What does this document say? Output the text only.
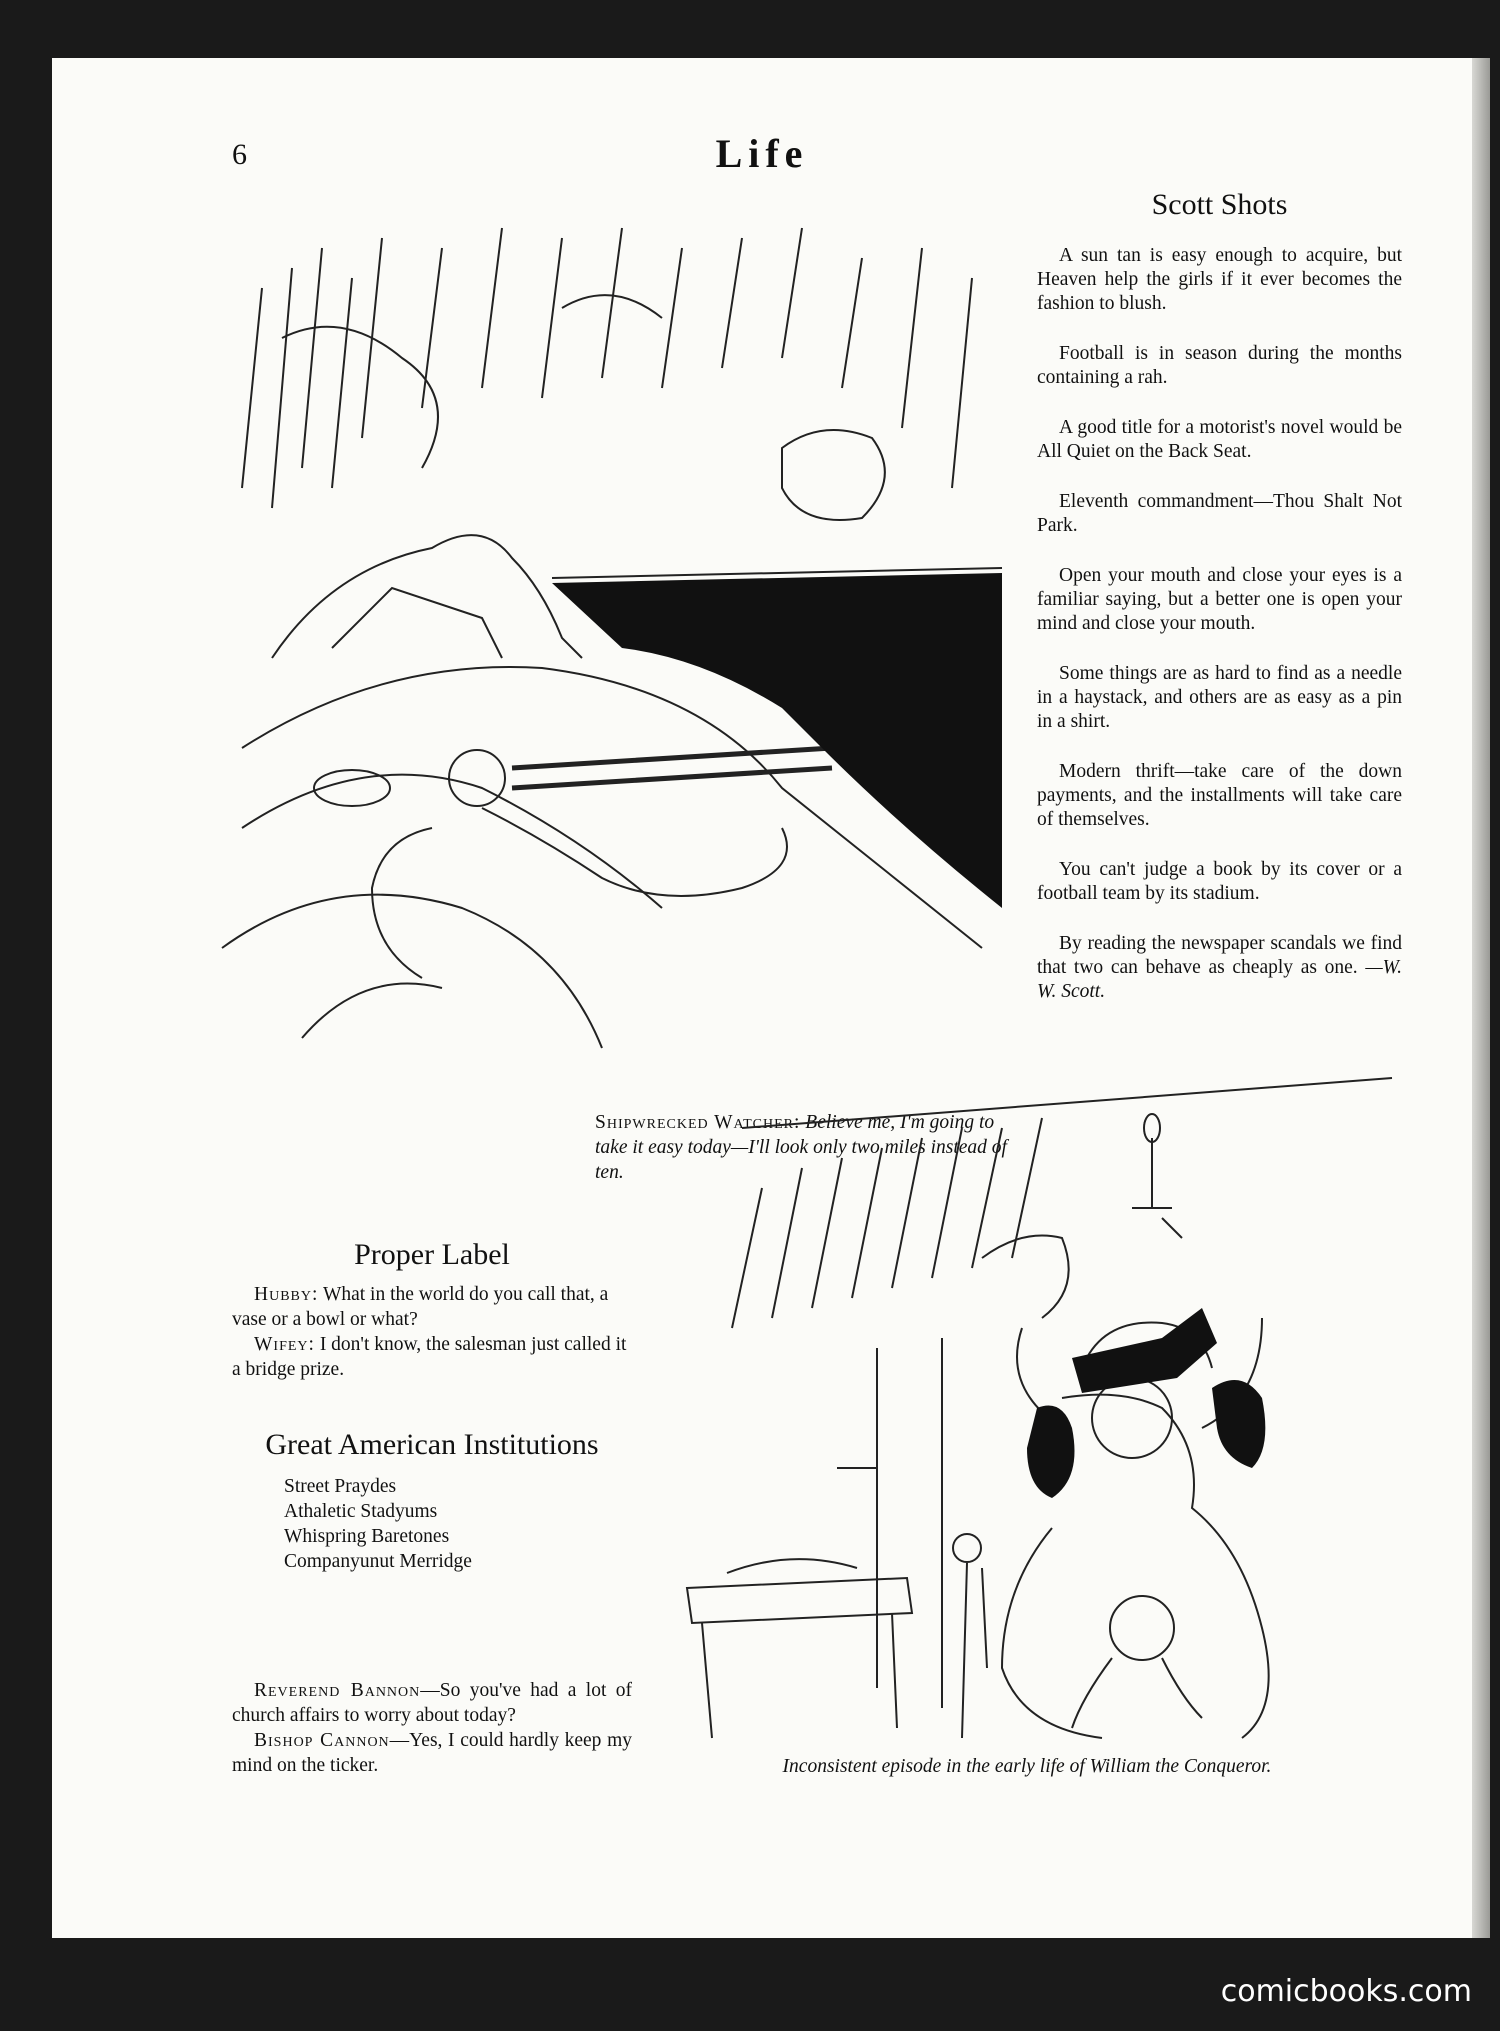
6	Life
Shipwrecked Watcher: Believe me, I'm going to take it easy today—I'll look only two miles instead of ten.
Scott Shots

A sun tan is easy enough to acquire, but Heaven help the girls if it ever becomes the fashion to blush.

Football is in season during the months containing a rah.

A good title for a motorist's novel would be All Quiet on the Back Seat.

Eleventh commandment—Thou Shalt Not Park.

Open your mouth and close your eyes is a familiar saying, but a better one is open your mind and close your mouth.

Some things are as hard to find as a needle in a haystack, and others are as easy as a pin in a shirt.

Modern thrift—take care of the down payments, and the installments will take care of themselves.

You can't judge a book by its cover or a football team by its stadium.

By reading the newspaper scandals we find that two can behave as cheaply as one. —W. W. Scott.

Proper Label

Hubby: What in the world do you call that, a vase or a bowl or what?

Wifey: I don't know, the salesman just called it a bridge prize.

Great American Institutions
Street Praydes
Athaletic Stadyums
Whispring Baretones
Companyunut Merridge

Reverend Bannon—So you've had a lot of church affairs to worry about today?

Bishop Cannon—Yes, I could hardly keep my mind on the ticker.	Inconsistent episode in the early life of William the Conqueror.
comicbooks.com
